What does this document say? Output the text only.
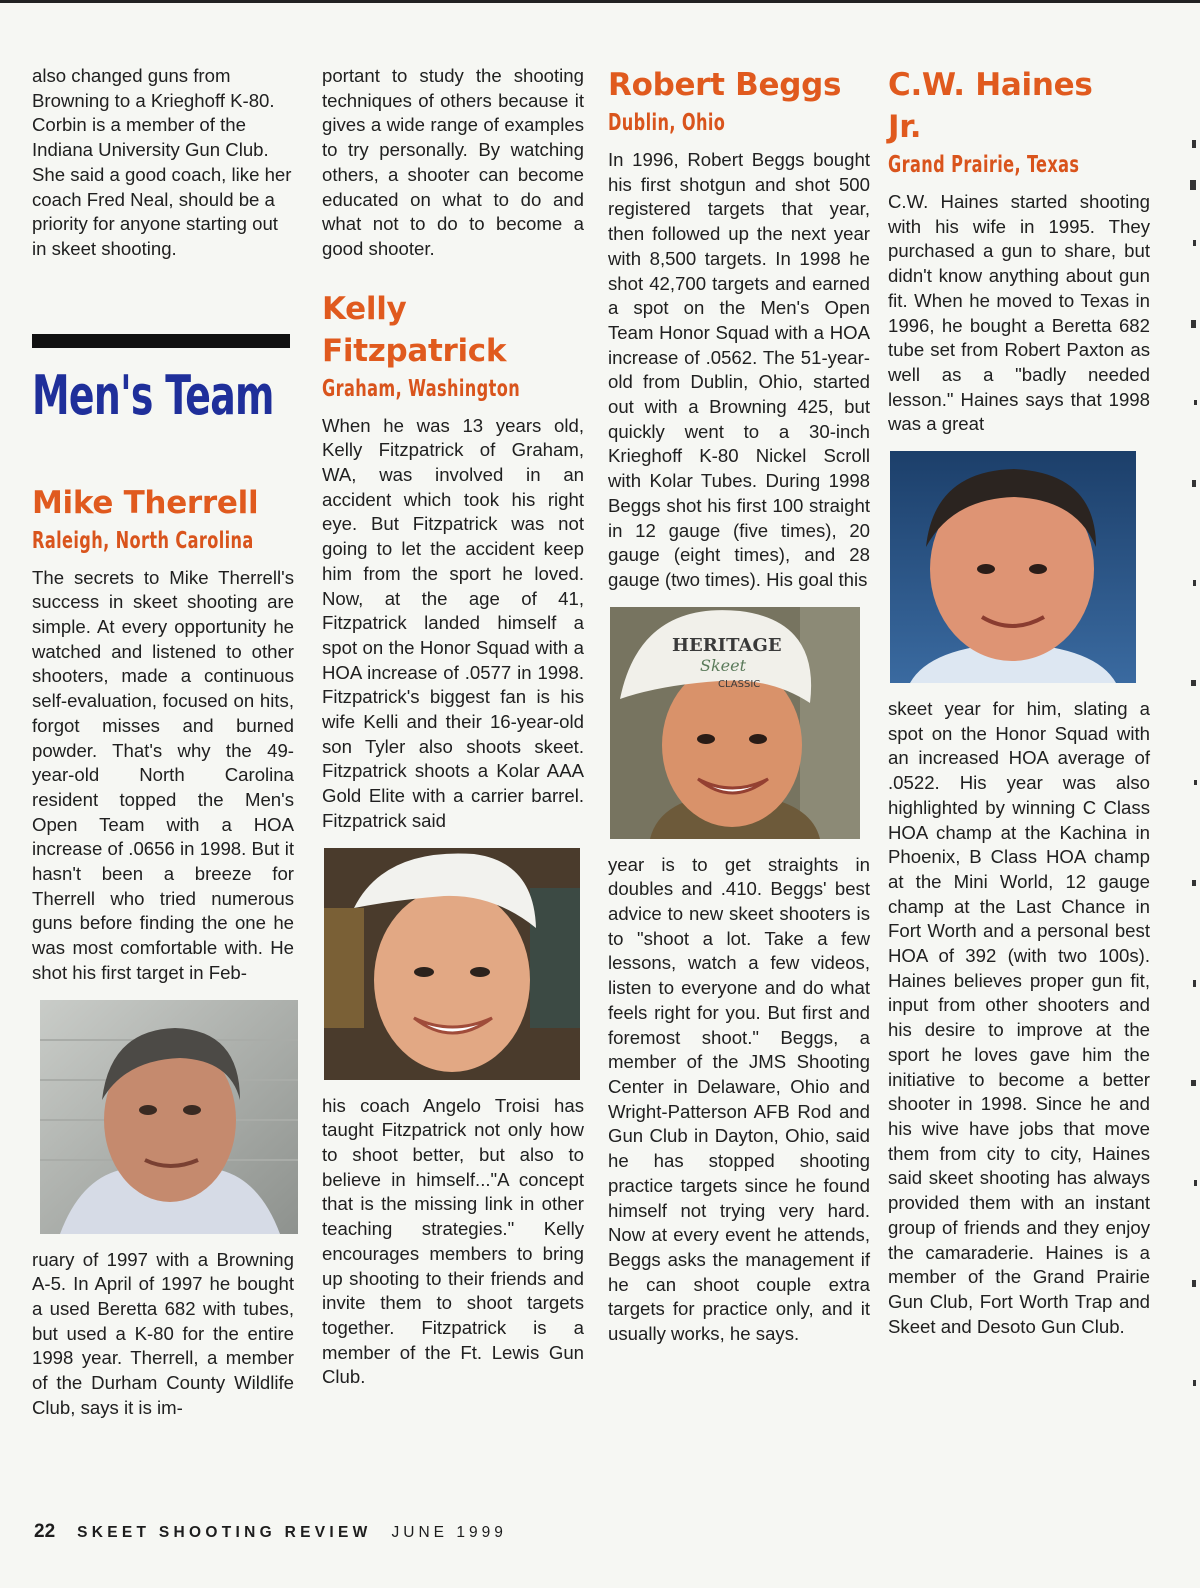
also changed guns from Browning to a Krieghoff K-80. Corbin is a member of the Indiana University Gun Club. She said a good coach, like her coach Fred Neal, should be a priority for anyone starting out in skeet shooting.

Men's Team
Mike Therrell
Raleigh, North Carolina

The secrets to Mike Therrell's success in skeet shooting are simple. At every opportunity he watched and listened to other shooters, made a continuous self-evaluation, focused on hits, forgot misses and burned powder. That's why the 49-year-old North Carolina resident topped the Men's Open Team with a HOA increase of .0656 in 1998. But it hasn't been a breeze for Therrell who tried numerous guns before finding the one he was most comfortable with. He shot his first target in Feb-

ruary of 1997 with a Browning A-5. In April of 1997 he bought a used Beretta 682 with tubes, but used a K-80 for the entire 1998 year. Therrell, a member of the Durham County Wildlife Club, says it is im-

portant to study the shooting techniques of others because it gives a wide range of examples to try personally. By watching others, a shooter can become educated on what to do and what not to do to become a good shooter.

Kelly Fitzpatrick
Graham, Washington

When he was 13 years old, Kelly Fitzpatrick of Graham, WA, was involved in an accident which took his right eye. But Fitzpatrick was not going to let the accident keep him from the sport he loved. Now, at the age of 41, Fitzpatrick landed himself a spot on the Honor Squad with a HOA increase of .0577 in 1998. Fitzpatrick's biggest fan is his wife Kelli and their 16-year-old son Tyler also shoots skeet. Fitzpatrick shoots a Kolar AAA Gold Elite with a carrier barrel. Fitzpatrick said

his coach Angelo Troisi has taught Fitzpatrick not only how to shoot better, but also to believe in himself..."A concept that is the missing link in other teaching strategies." Kelly encourages members to bring up shooting to their friends and invite them to shoot targets together. Fitzpatrick is a member of the Ft. Lewis Gun Club.

Robert Beggs
Dublin, Ohio

In 1996, Robert Beggs bought his first shotgun and shot 500 registered targets that year, then followed up the next year with 8,500 targets. In 1998 he shot 42,700 targets and earned a spot on the Men's Open Team Honor Squad with a HOA increase of .0562. The 51-year-old from Dublin, Ohio, started out with a Browning 425, but quickly went to a 30-inch Krieghoff K-80 Nickel Scroll with Kolar Tubes. During 1998 Beggs shot his first 100 straight in 12 gauge (five times), 20 gauge (eight times), and 28 gauge (two times). His goal this

HERITAGE
Skeet
CLASSIC

year is to get straights in doubles and .410. Beggs' best advice to new skeet shooters is to "shoot a lot. Take a few lessons, watch a few videos, listen to everyone and do what feels right for you. But first and foremost shoot." Beggs, a member of the JMS Shooting Center in Delaware, Ohio and Wright-Patterson AFB Rod and Gun Club in Dayton, Ohio, said he has stopped shooting practice targets since he found himself not trying very hard. Now at every event he attends, Beggs asks the management if he can shoot couple extra targets for practice only, and it usually works, he says.

C.W. Haines Jr.
Grand Prairie, Texas

C.W. Haines started shooting with his wife in 1995. They purchased a gun to share, but didn't know anything about gun fit. When he moved to Texas in 1996, he bought a Beretta 682 tube set from Robert Paxton as well as a "badly needed lesson." Haines says that 1998 was a great

skeet year for him, slating a spot on the Honor Squad with an increased HOA average of .0522. His year was also highlighted by winning C Class HOA champ at the Kachina in Phoenix, B Class HOA champ at the Mini World, 12 gauge champ at the Last Chance in Fort Worth and a personal best HOA of 392 (with two 100s). Haines believes proper gun fit, input from other shooters and his desire to improve at the sport he loves gave him the initiative to become a better shooter in 1998. Since he and his wive have jobs that move them from city to city, Haines said skeet shooting has always provided them with an instant group of friends and they enjoy the camaraderie. Haines is a member of the Grand Prairie Gun Club, Fort Worth Trap and Skeet and Desoto Gun Club.

22 SKEET SHOOTING REVIEW JUNE 1999
